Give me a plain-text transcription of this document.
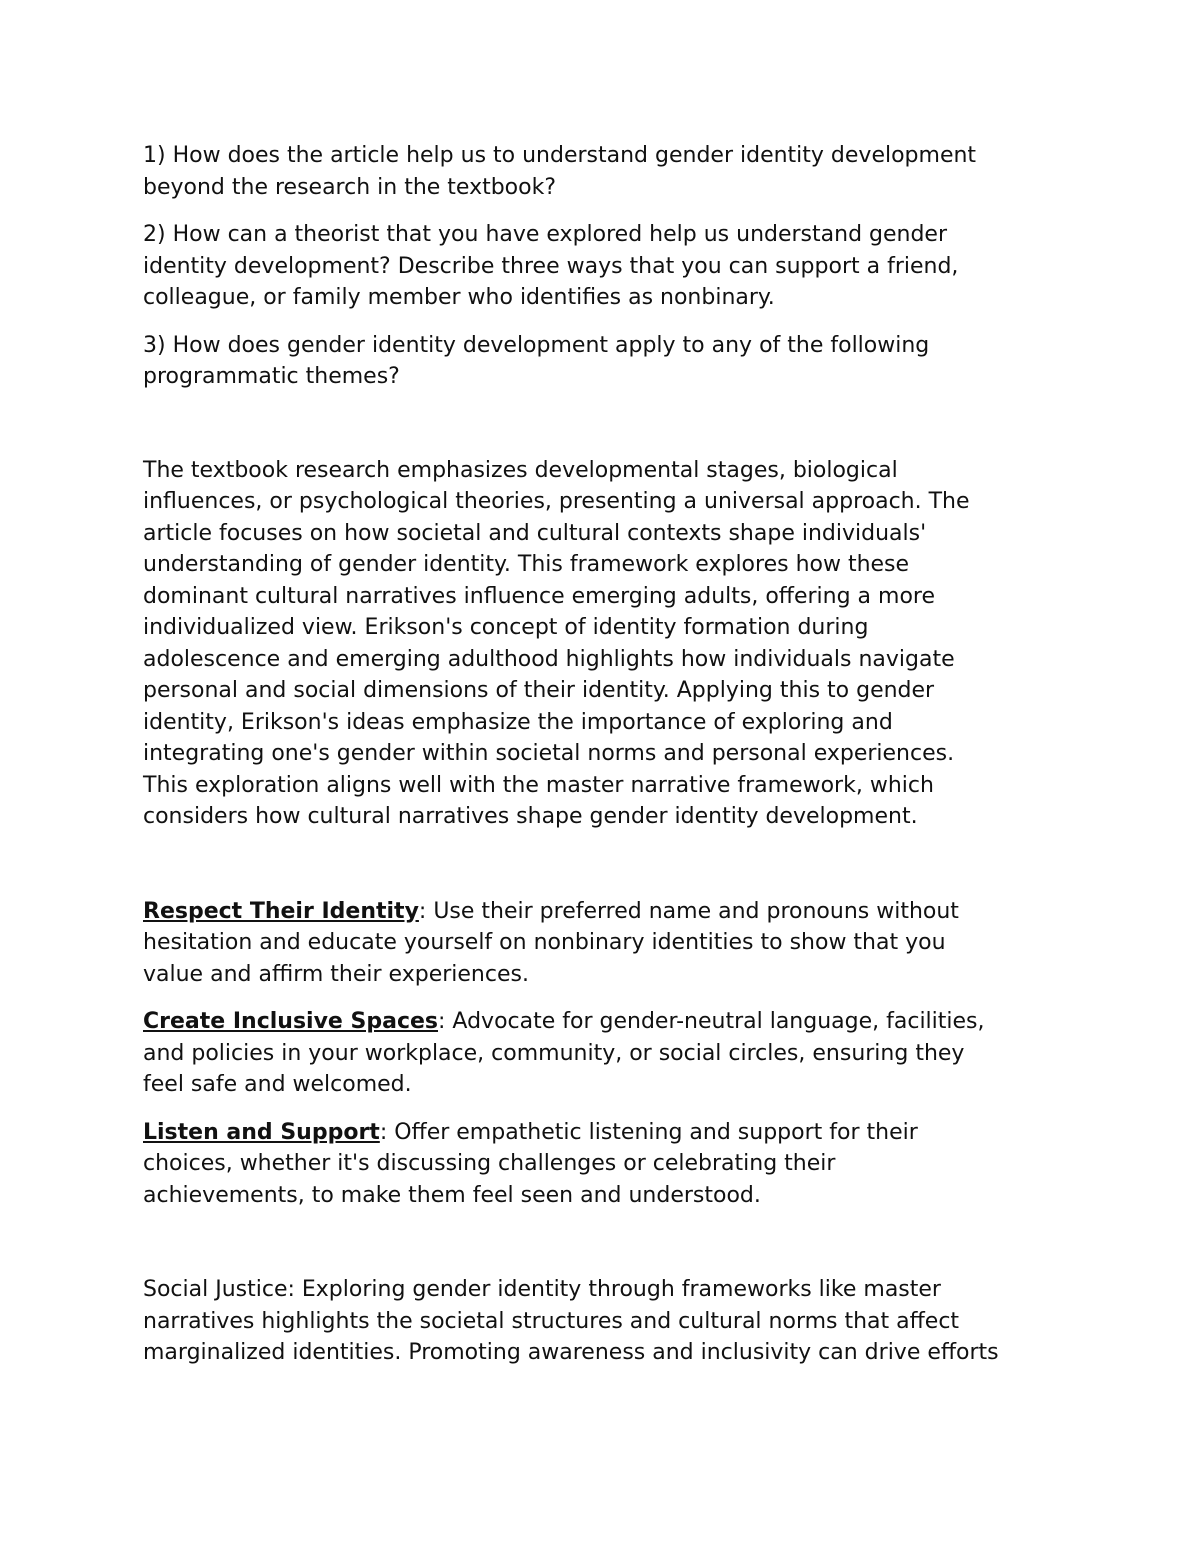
1) How does the article help us to understand gender identity development
beyond the research in the textbook?

2) How can a theorist that you have explored help us understand gender
identity development? Describe three ways that you can support a friend,
colleague, or family member who identifies as nonbinary.

3) How does gender identity development apply to any of the following
programmatic themes?

The textbook research emphasizes developmental stages, biological
influences, or psychological theories, presenting a universal approach. The
article focuses on how societal and cultural contexts shape individuals'
understanding of gender identity. This framework explores how these
dominant cultural narratives influence emerging adults, offering a more
individualized view. Erikson's concept of identity formation during
adolescence and emerging adulthood highlights how individuals navigate
personal and social dimensions of their identity. Applying this to gender
identity, Erikson's ideas emphasize the importance of exploring and
integrating one's gender within societal norms and personal experiences.
This exploration aligns well with the master narrative framework, which
considers how cultural narratives shape gender identity development.

Respect Their Identity: Use their preferred name and pronouns without
hesitation and educate yourself on nonbinary identities to show that you
value and affirm their experiences.

Create Inclusive Spaces: Advocate for gender-neutral language, facilities,
and policies in your workplace, community, or social circles, ensuring they
feel safe and welcomed.

Listen and Support: Offer empathetic listening and support for their
choices, whether it's discussing challenges or celebrating their
achievements, to make them feel seen and understood.

Social Justice: Exploring gender identity through frameworks like master
narratives highlights the societal structures and cultural norms that affect
marginalized identities. Promoting awareness and inclusivity can drive efforts
